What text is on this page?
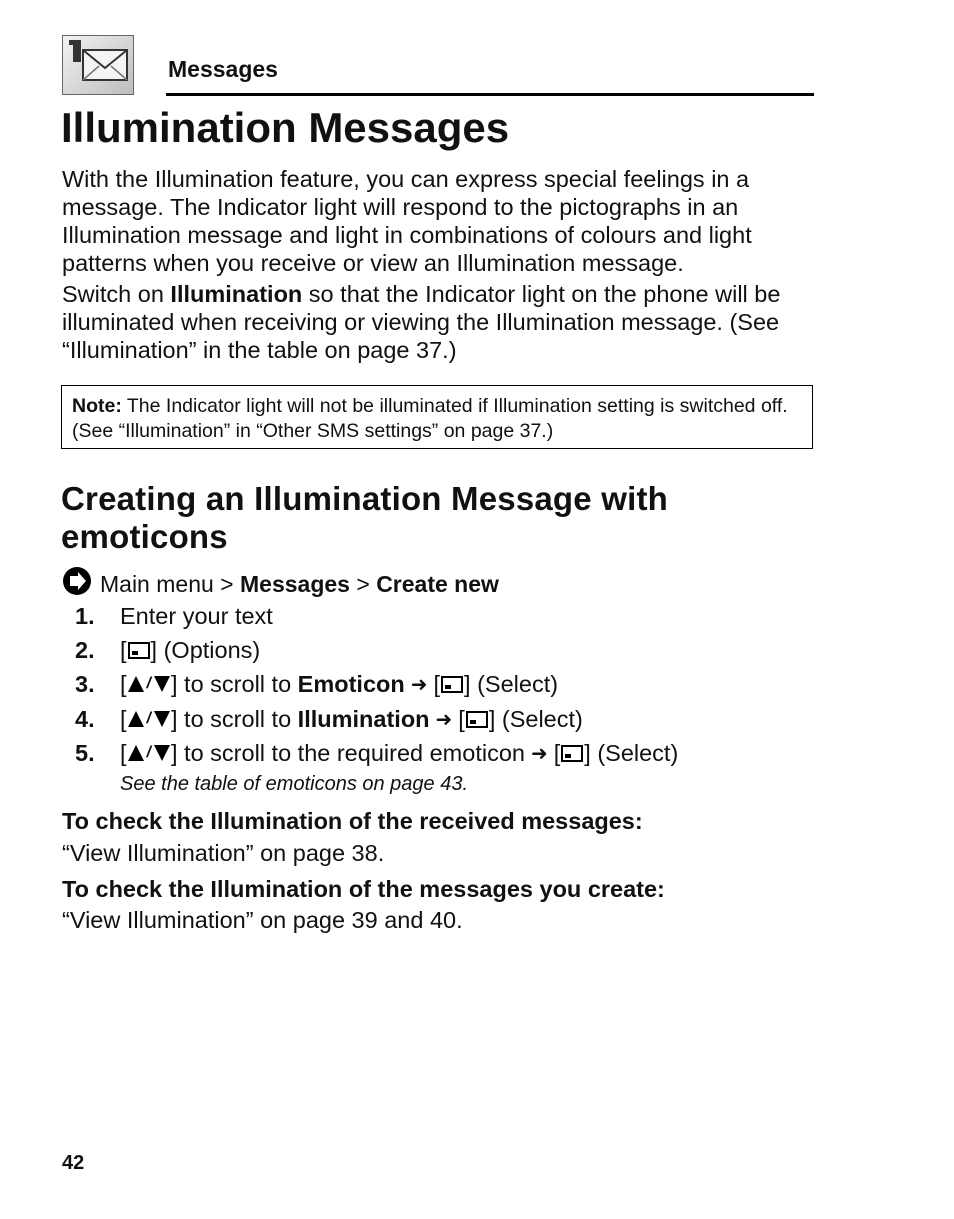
Messages
Illumination Messages

With the Illumination feature, you can express special feelings in a message. The Indicator light will respond to the pictographs in an Illumination message and light in combinations of colours and light patterns when you receive or view an Illumination message.

Switch on Illumination so that the Indicator light on the phone will be illuminated when receiving or viewing the Illumination message. (See “Illumination” in the table on page 37.)

Note: The Indicator light will not be illuminated if Illumination setting is switched off. (See “Illumination” in “Other SMS settings” on page 37.)
Creating an Illumination Message with emoticons
Main menu >
Messages
>
Create new
1. Enter your text
2. [ ] (Options)
3. [ / ] to scroll to
Emoticon ➜ [ ] (Select)
4. [ / ] to scroll to
Illumination ➜ [ ] (Select)
5. [ / ] to scroll to the required emoticon ➜ [ ] (Select)
See the table of emoticons on page 43.
To check the Illumination of the received messages:
“View Illumination” on page 38.
To check the Illumination of the messages you create:
“View Illumination” on page 39 and 40.
42
